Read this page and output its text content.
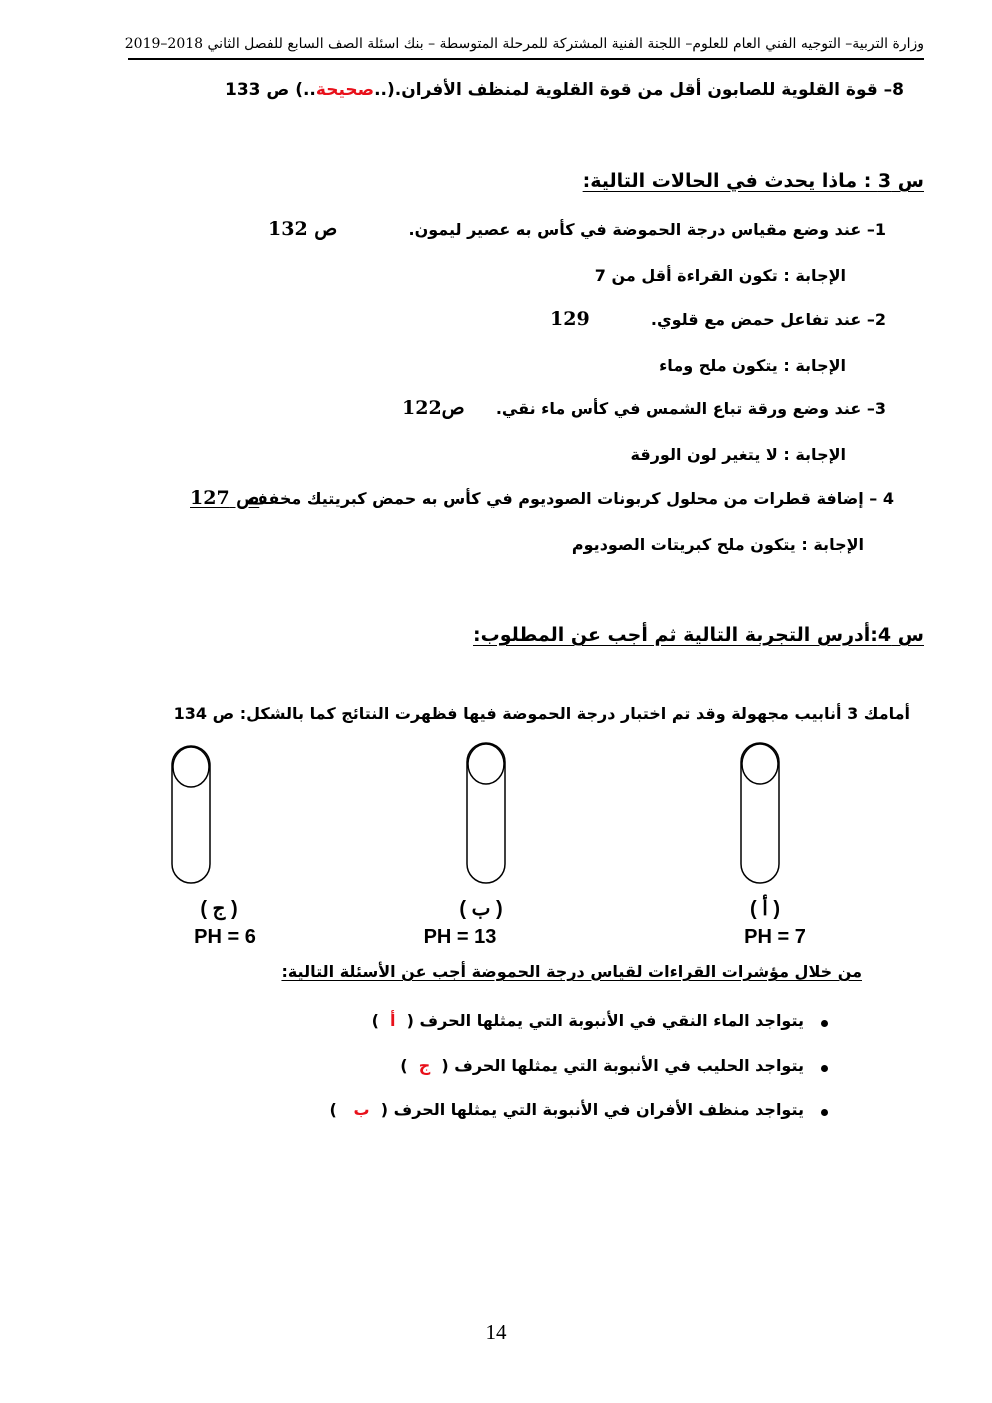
وزارة التربية– التوجيه الفني العام للعلوم– اللجنة الفنية المشتركة للمرحلة المتوسطة – بنك اسئلة الصف السابع للفصل الثاني 2018–2019
8– قوة القلوية للصابون أقل من قوة القلوية لمنظف الأفران.(..صحيحة..) ص 133
س 3 : ماذا يحدث في الحالات التالية:
1– عند وضع مقياس درجة الحموضة في كأس به عصير ليمون.
ص 132
الإجابة : تكون القراءة أقل من 7
2– عند تفاعل حمض مع قلوي.
129
الإجابة : يتكون ملح وماء
3– عند وضع ورقة تباع الشمس في كأس ماء نقي.
ص122
الإجابة : لا يتغير لون الورقة
4 – إضافة قطرات من محلول كربونات الصوديوم في كأس به حمض كبريتيك مخفف
ص 127
الإجابة : يتكون ملح كبريتات الصوديوم
س 4:أدرس التجربة التالية ثم أجب عن المطلوب:
أمامك 3 أنابيب مجهولة وقد تم اختبار درجة الحموضة فيها فظهرت النتائج كما بالشكل: ص 134
( أ )
PH = 7
( ب )
PH = 13
( ج )
PH = 6
من خلال مؤشرات القراءات لقياس درجة الحموضة أجب عن الأسئلة التالية:
يتواجد الماء النقي في الأنبوبة التي يمثلها الحرف (  أ  )
يتواجد الحليب في الأنبوبة التي يمثلها الحرف (  ج  )
يتواجد منظف الأفران في الأنبوبة التي يمثلها الحرف (  ب   )
14
